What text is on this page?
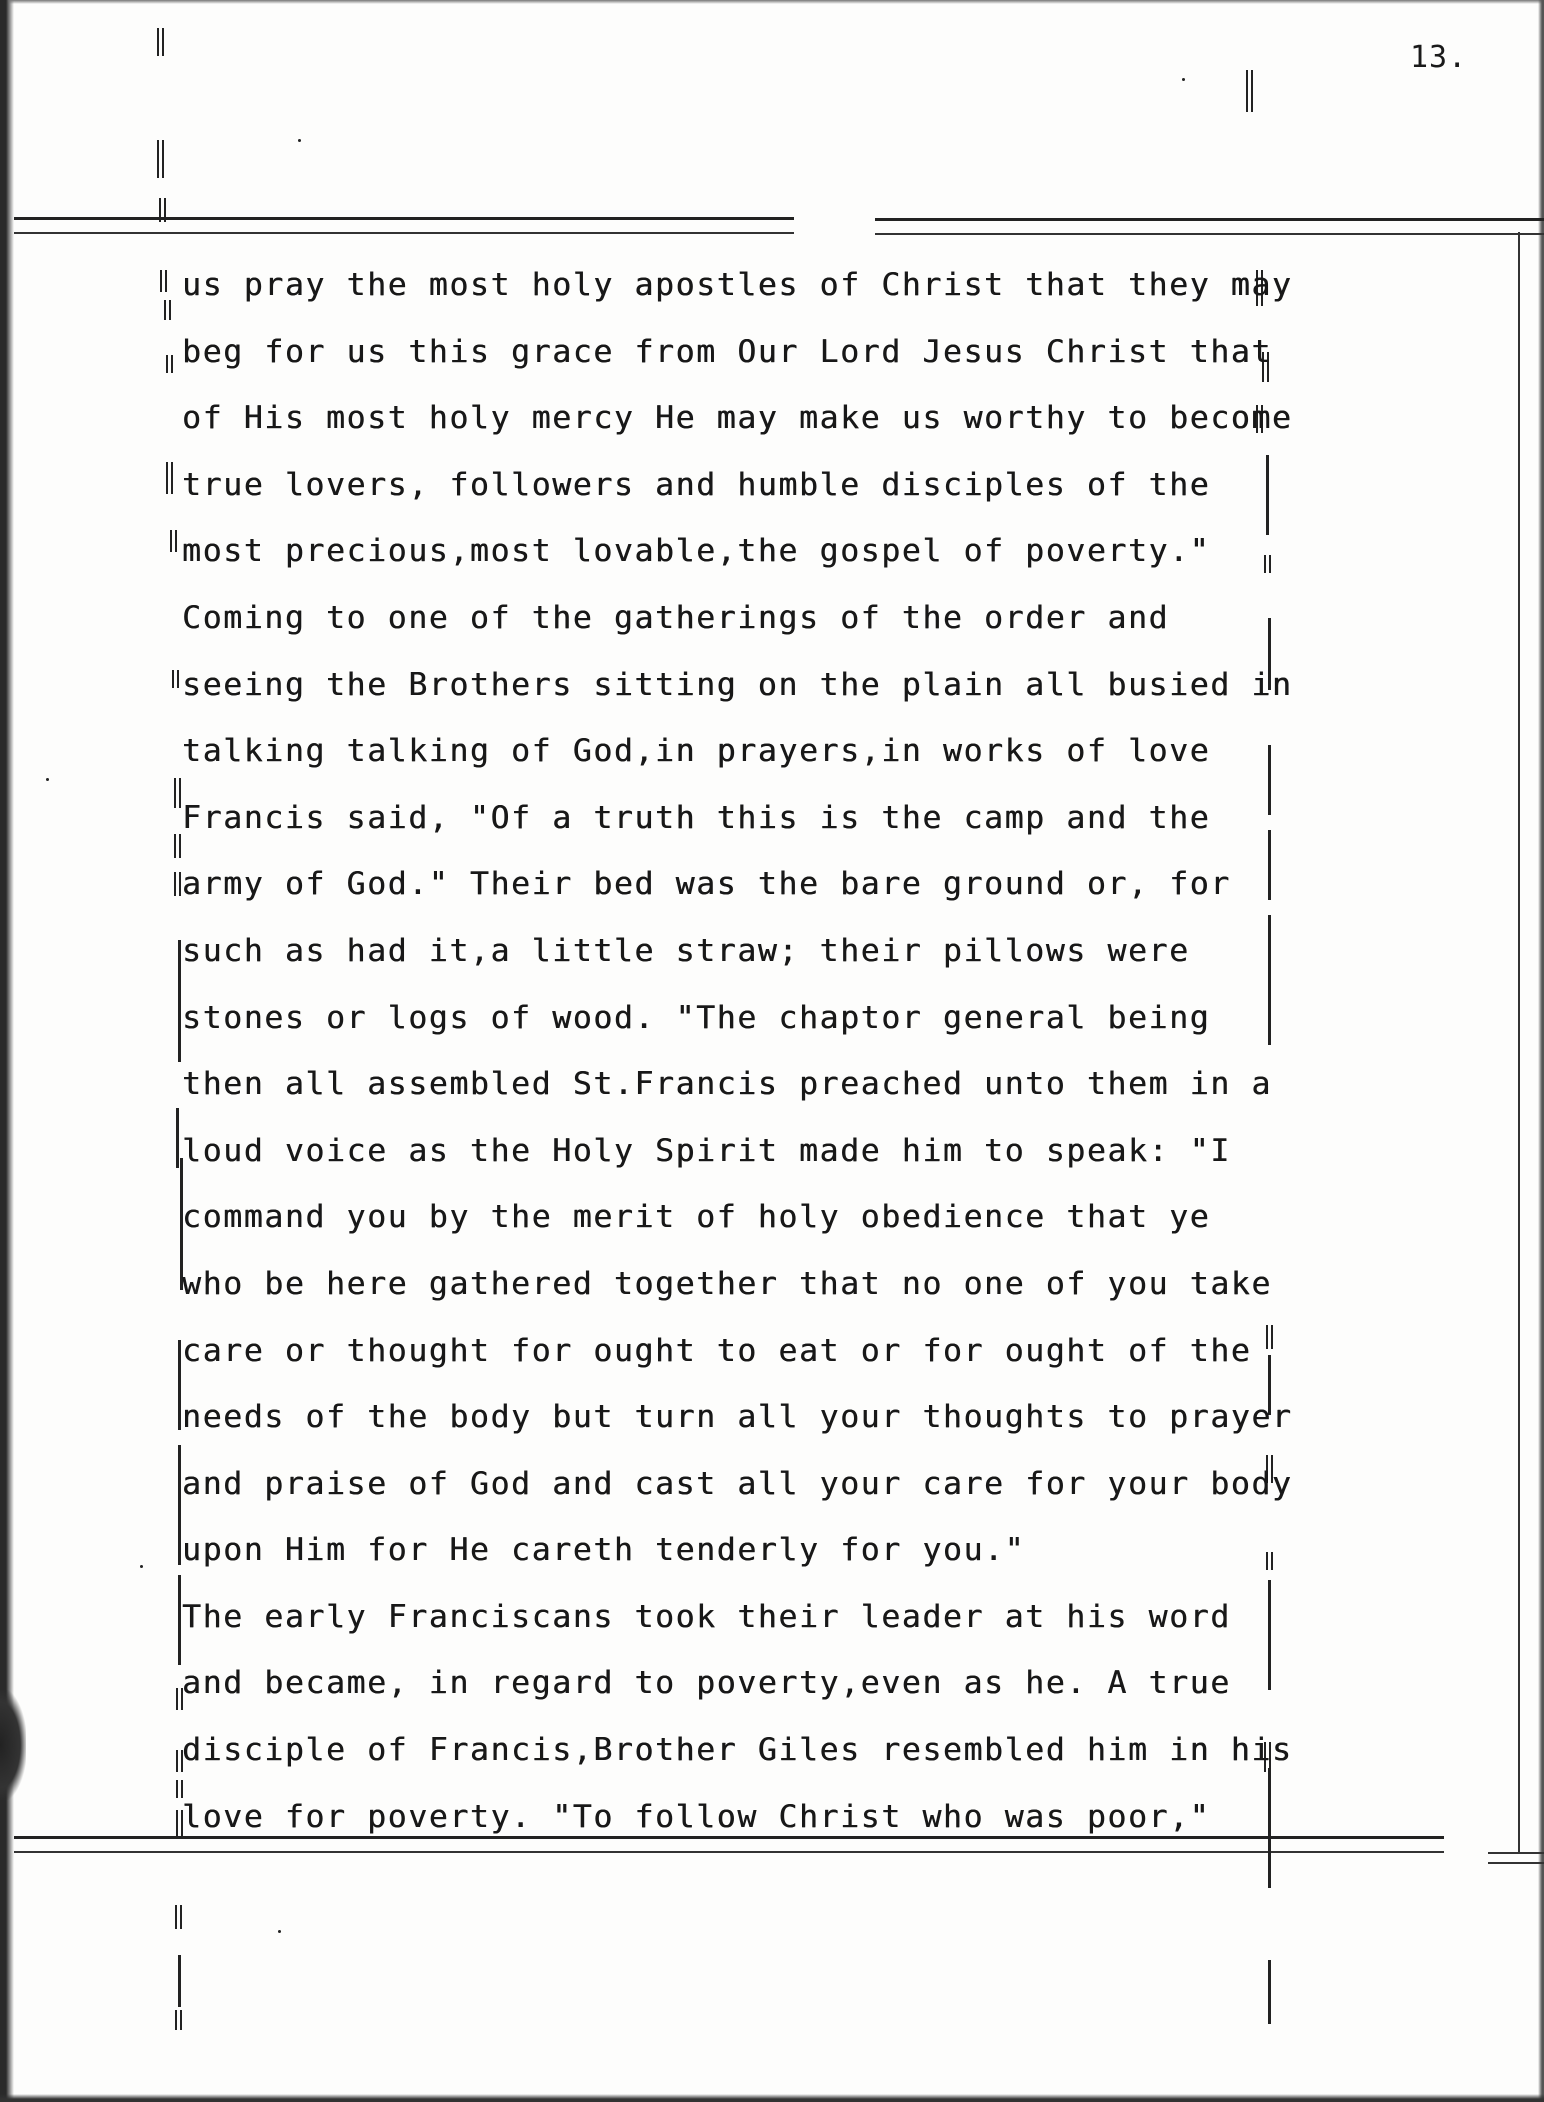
13.
us pray the most holy apostles of Christ that they may
beg for us this grace from Our Lord Jesus Christ that
of His most holy mercy He may make us worthy to become
true lovers, followers and humble disciples of the
most precious,most lovable,the gospel of poverty."
Coming to one of the gatherings of the order and
seeing the Brothers sitting on the plain all busied in
talking talking of God,in prayers,in works of love
Francis said, "Of a truth this is the camp and the
army of God." Their bed was the bare ground or, for
such as had it,a little straw; their pillows were
stones or logs of wood. "The chaptor general being
then all assembled St.Francis preached unto them in a
loud voice as the Holy Spirit made him to speak: "I
command you by the merit of holy obedience that ye
who be here gathered together that no one of you take
care or thought for ought to eat or for ought of the
needs of the body but turn all your thoughts to prayer
and praise of God and cast all your care for your body
upon Him for He careth tenderly for you."
The early Franciscans took their leader at his word
and became, in regard to poverty,even as he. A true
disciple of Francis,Brother Giles resembled him in his
love for poverty. "To follow Christ who was poor,"
